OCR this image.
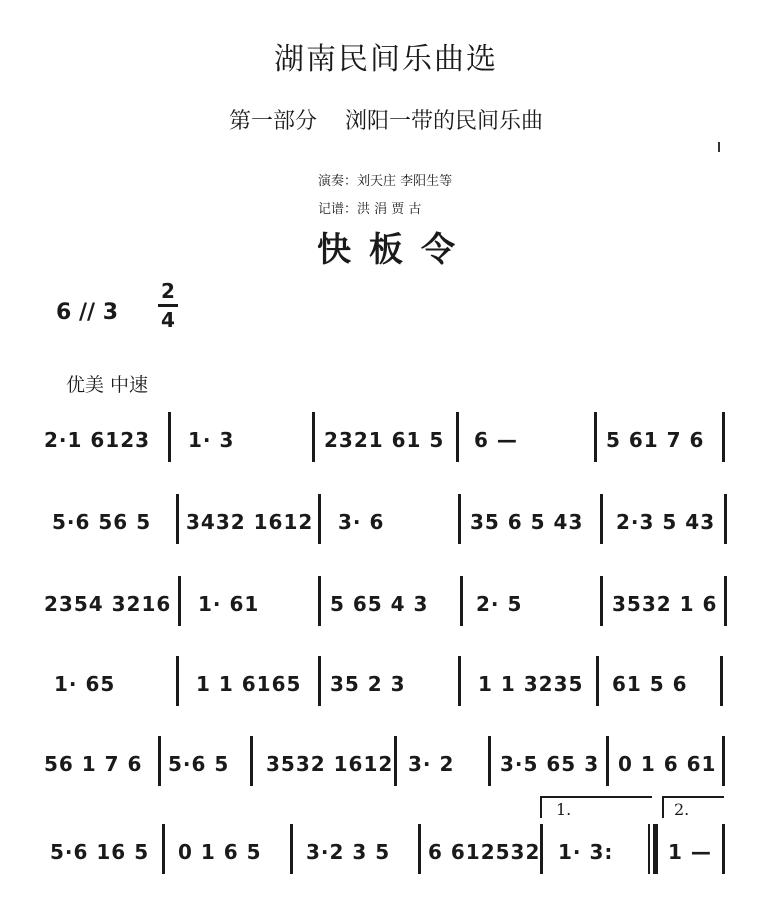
湖南民间乐曲选
第一部分 浏阳一带的民间乐曲
演奏：刘天庄 李阳生等
记谱：洪 涓 贾 古
快板令
6 // 3
2
4
优美 中速
2·1 6123 1· 3	2321 61 5 6 —	5 61 7 6
5·6 56 5 3432 1612 3· 6	35 6 5 43 2·3 5 43
2354 3216 1· 61	5 65 4 3 2· 5	3532 1 6
1· 65	1 1 6165 35 2 3	1 1 3235 61 5 6
56 1 7 6 5·6 5 3532 1612 3· 2 3·5 65 3 0 1 6 61
1.	2.
5·6 16 5 0 1 6 5 3·2 3 5 6 612532 1· 3:	1 —
